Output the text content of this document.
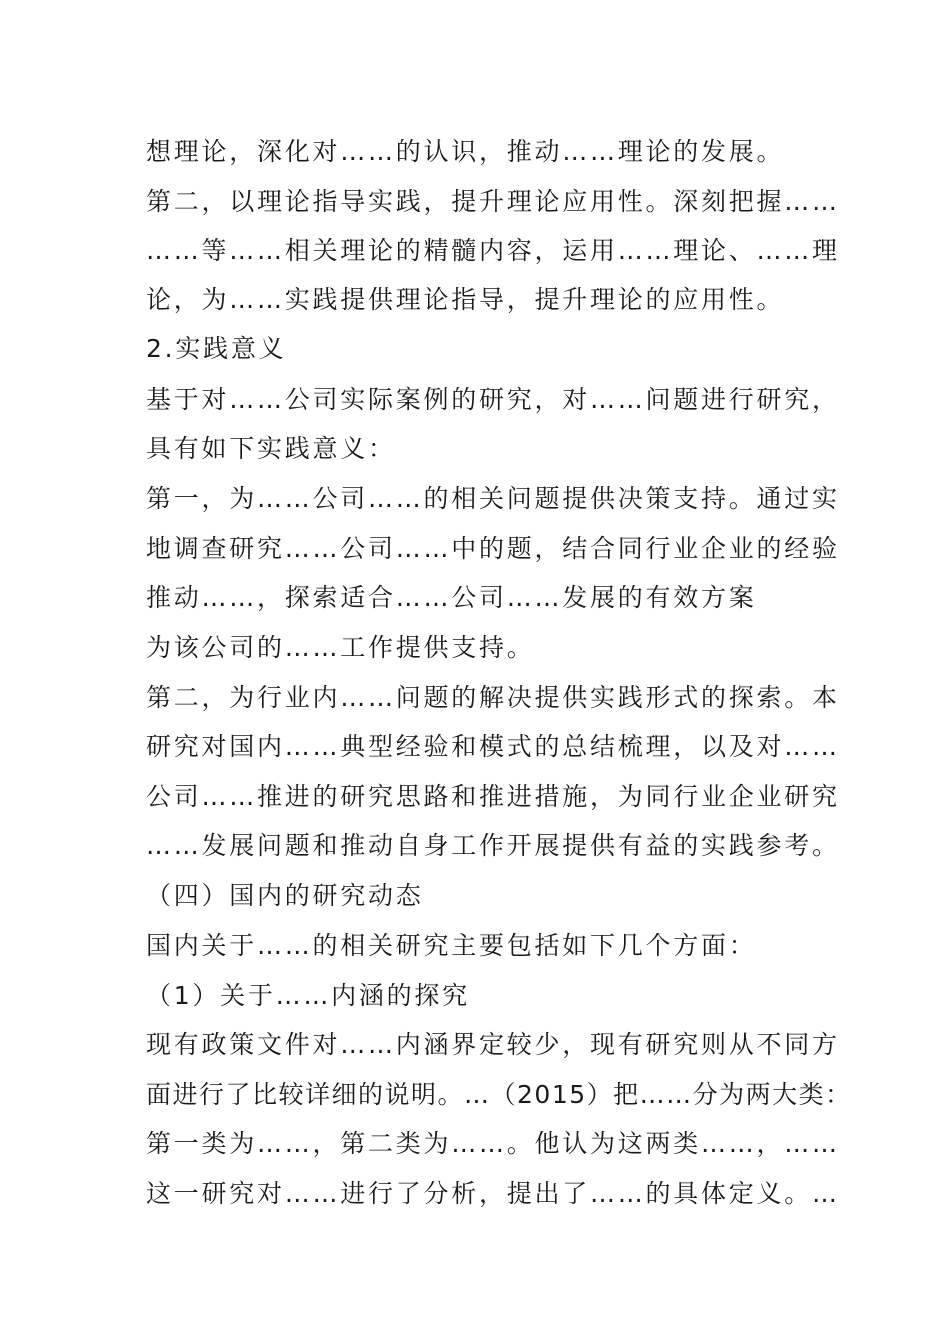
想理论，深化对……的认识，推动……理论的发展。
第二，以理论指导实践，提升理论应用性。深刻把握……
……等……相关理论的精髓内容，运用……理论、……理
论，为……实践提供理论指导，提升理论的应用性。
2.实践意义
基于对……公司实际案例的研究，对……问题进行研究，
具有如下实践意义：
第一，为……公司……的相关问题提供决策支持。通过实
地调查研究……公司……中的题，结合同行业企业的经验
推动……，探索适合……公司……发展的有效方案
为该公司的……工作提供支持。
第二，为行业内……问题的解决提供实践形式的探索。本
研究对国内……典型经验和模式的总结梳理，以及对……
公司……推进的研究思路和推进措施，为同行业企业研究
……发展问题和推动自身工作开展提供有益的实践参考。
（四）国内的研究动态
国内关于……的相关研究主要包括如下几个方面：
（1）关于……内涵的探究
现有政策文件对……内涵界定较少，现有研究则从不同方
面进行了比较详细的说明。…（2015）把……分为两大类：
第一类为……，第二类为……。他认为这两类……，……
这一研究对……进行了分析，提出了……的具体定义。…
